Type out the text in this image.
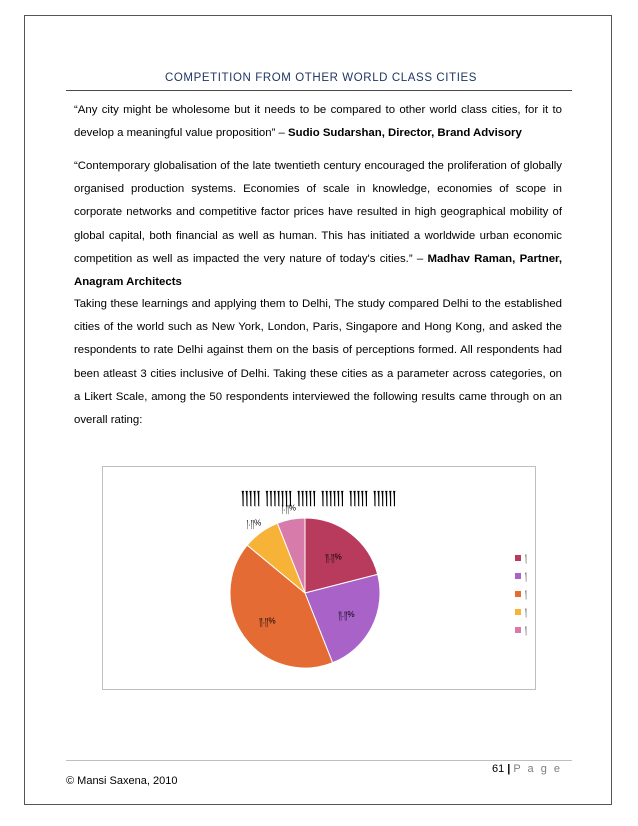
COMPETITION FROM OTHER WORLD CLASS CITIES

“Any city might be wholesome but it needs to be compared to other world class cities, for it to develop a meaningful value proposition” – Sudio Sudarshan, Director, Brand Advisory

“Contemporary globalisation of the late twentieth century encouraged the proliferation of globally organised production systems. Economies of scale in knowledge, economies of scope in corporate networks and competitive factor prices have resulted in high geographical mobility of global capital, both financial as well as human. This has initiated a worldwide urban economic competition as well as impacted the very nature of today's cities.” – Madhav Raman, Partner, Anagram Architects

Taking these learnings and applying them to Delhi, The study compared Delhi to the established cities of the world such as New York, London, Paris, Singapore and Hong Kong, and asked the respondents to rate Delhi against them on the basis of perceptions formed. All respondents had been atleast 3 cities inclusive of Delhi. Taking these cities as a parameter across categories, on a Likert Scale, among the 50 respondents interviewed the following results came through on an overall rating:

།།།།། །།།།།།། །།།།། །།།།།། །།།།། །།།།།།
།།.།།%
།།.།།%
།།.།།%
།.།།%
།.།།%
།
།
།
།
།
61 | P a g e
© Mansi Saxena, 2010
